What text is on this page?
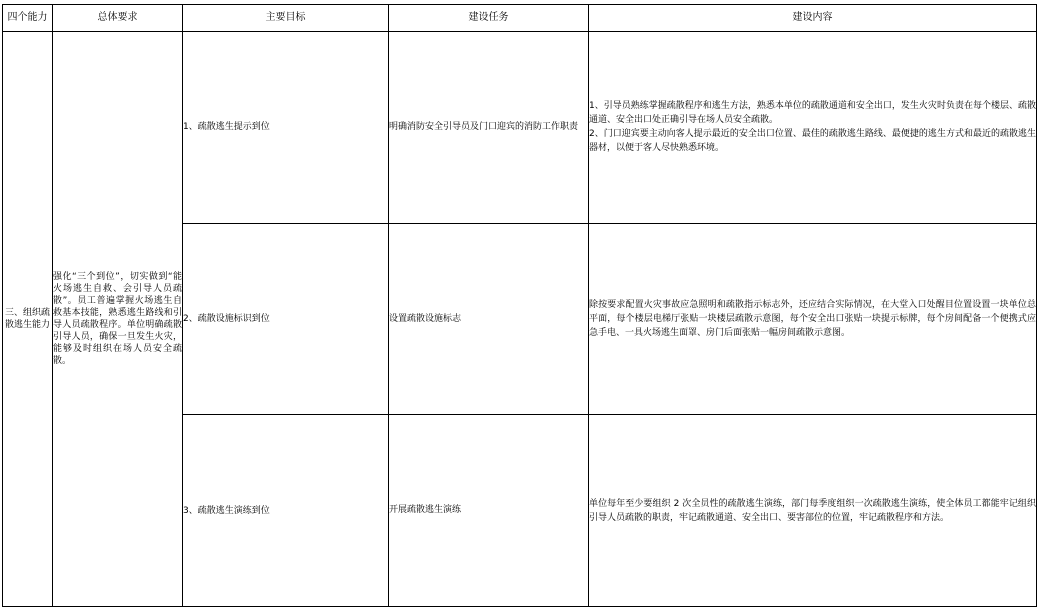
四个能力	总体要求	主要目标	建设任务	建设内容
三、组织疏散逃生能力	强化“三个到位”，切实做到“能火场逃生自救、会引导人员疏散”。员工普遍掌握火场逃生自救基本技能，熟悉逃生路线和引导人员疏散程序。单位明确疏散引导人员，确保一旦发生火灾，能够及时组织在场人员安全疏散。	1、疏散逃生提示到位	明确消防安全引导员及门口迎宾的消防工作职责	1、引导员熟练掌握疏散程序和逃生方法，熟悉本单位的疏散通道和安全出口，发生火灾时负责在每个楼层、疏散通道、安全出口处正确引导在场人员安全疏散。
2、门口迎宾要主动向客人提示最近的安全出口位置、最佳的疏散逃生路线、最便捷的逃生方式和最近的疏散逃生器材，以便于客人尽快熟悉环境。

		2、疏散设施标识到位	设置疏散设施标志	除按要求配置火灾事故应急照明和疏散指示标志外，还应结合实际情况，在大堂入口处醒目位置设置一块单位总平面，每个楼层电梯厅张贴一块楼层疏散示意图，每个安全出口张贴一块提示标牌，每个房间配备一个便携式应急手电、一具火场逃生面罩、房门后面张贴一幅房间疏散示意图。

		3、疏散逃生演练到位	开展疏散逃生演练	单位每年至少要组织 2 次全员性的疏散逃生演练，部门每季度组织一次疏散逃生演练，使全体员工都能牢记组织引导人员疏散的职责，牢记疏散通道、安全出口、要害部位的位置，牢记疏散程序和方法。
